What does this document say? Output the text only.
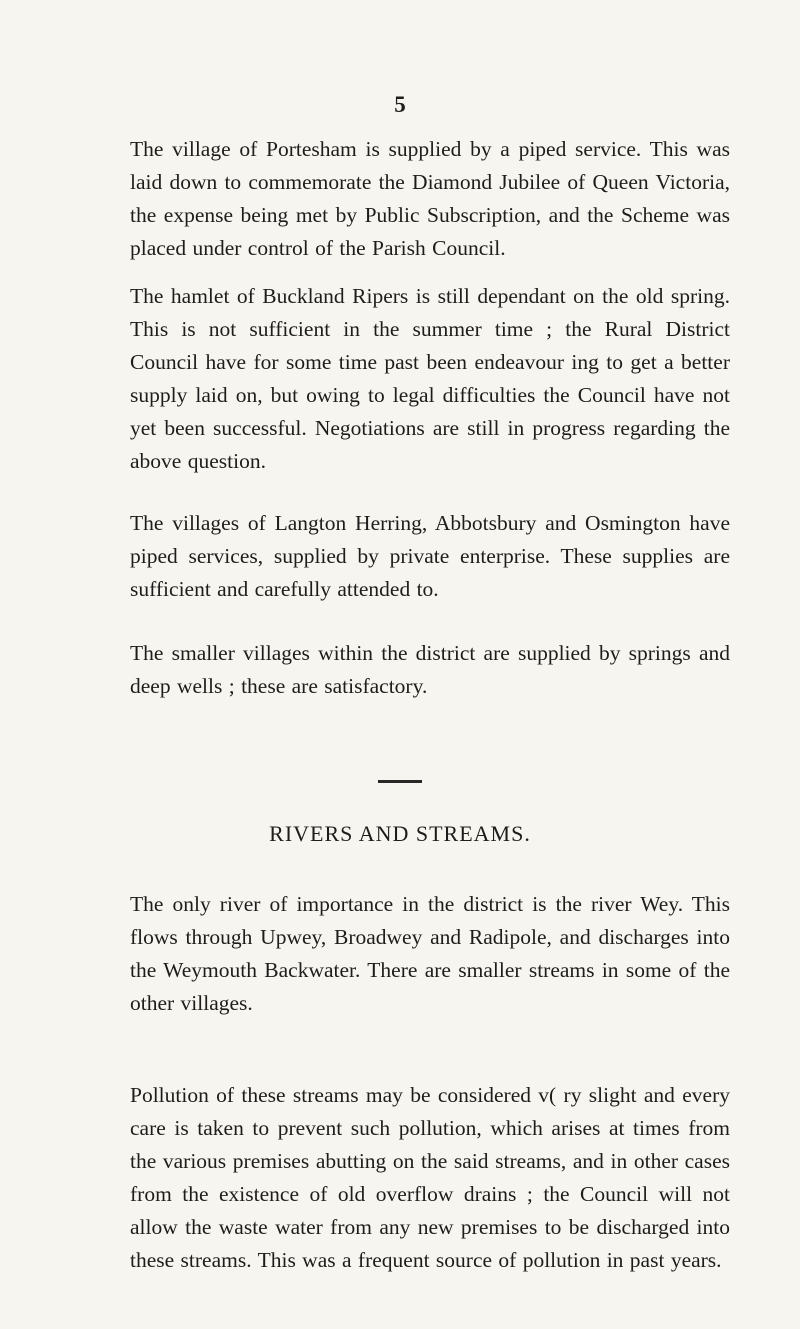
5

The village of Portesham is supplied by a piped service. This was laid down to commemorate the Diamond Jubilee of Queen Victoria, the expense being met by Public Subscription, and the Scheme was placed under control of the Parish Council.

The hamlet of Buckland Ripers is still dependant on the old spring. This is not sufficient in the summer time ; the Rural District Council have for some time past been endeavour ing to get a better supply laid on, but owing to legal difficulties the Council have not yet been successful. Negotiations are still in progress regarding the above question.

The villages of Langton Herring, Abbotsbury and Osmington have piped services, supplied by private enterprise. These supplies are sufficient and carefully attended to.

The smaller villages within the district are supplied by springs and deep wells ; these are satisfactory.

RIVERS AND STREAMS.

The only river of importance in the district is the river Wey. This flows through Upwey, Broadwey and Radipole, and discharges into the Weymouth Backwater. There are smaller streams in some of the other villages.

Pollution of these streams may be considered v( ry slight and every care is taken to prevent such pollution, which arises at times from the various premises abutting on the said streams, and in other cases from the existence of old overflow drains ; the Council will not allow the waste water from any new premises to be discharged into these streams. This was a frequent source of pollution in past years.
